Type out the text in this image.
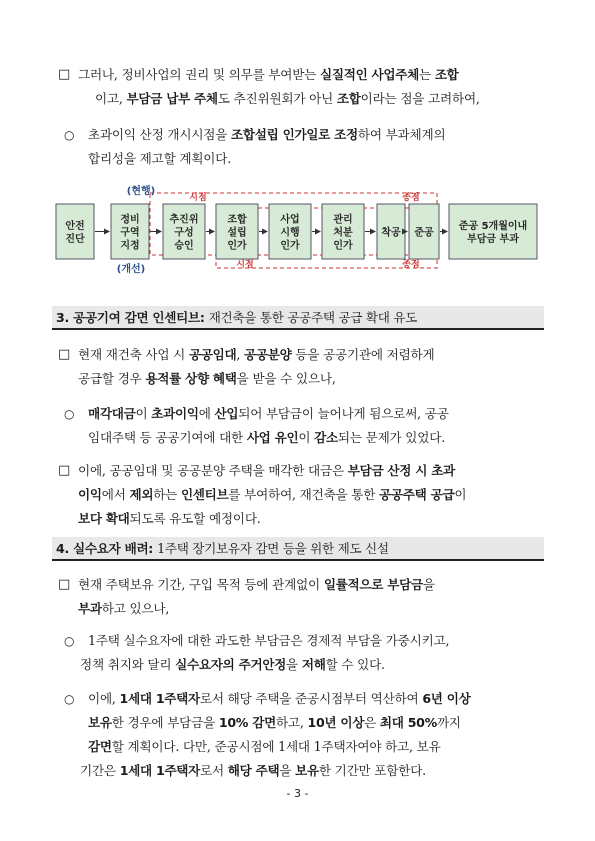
□ 그러나, 정비사업의 권리 및 의무를 부여받는 실질적인 사업주체는 조합
이고, 부담금 납부 주체도 추진위원회가 아닌 조합이라는 점을 고려하여,
○ 초과이익 산정 개시시점을 조합설립 인가일로 조정하여 부과체계의
합리성을 제고할 계획이다.
(현행)
(개선)
시점	종점
시점	종점
안전
진단
정비
구역
지정
추진위
구성
승인
조합
설립
인가
사업
시행
인가
관리
처분
인가
착공 준공
준공 5개월이내
부담금 부과
3. 공공기여 감면 인센티브: 재건축을 통한 공공주택 공급 확대 유도
□ 현재 재건축 사업 시 공공임대, 공공분양 등을 공공기관에 저렴하게
공급할 경우 용적률 상향 혜택을 받을 수 있으나,
○ 매각대금이 초과이익에 산입되어 부담금이 늘어나게 됨으로써, 공공
임대주택 등 공공기여에 대한 사업 유인이 감소되는 문제가 있었다.
□ 이에, 공공임대 및 공공분양 주택을 매각한 대금은 부담금 산정 시 초과
이익에서 제외하는 인센티브를 부여하여, 재건축을 통한 공공주택 공급이
보다 확대되도록 유도할 예정이다.
4. 실수요자 배려: 1주택 장기보유자 감면 등을 위한 제도 신설
□ 현재 주택보유 기간, 구입 목적 등에 관계없이 일률적으로 부담금을
부과하고 있으나,
○ 1주택 실수요자에 대한 과도한 부담금은 경제적 부담을 가중시키고,
정책 취지와 달리 실수요자의 주거안정을 저해할 수 있다.
○ 이에, 1세대 1주택자로서 해당 주택을 준공시점부터 역산하여 6년 이상
보유한 경우에 부담금을 10% 감면하고, 10년 이상은 최대 50%까지
감면할 계획이다. 다만, 준공시점에 1세대 1주택자여야 하고, 보유
기간은 1세대 1주택자로서 해당 주택을 보유한 기간만 포함한다.
- 3 -
